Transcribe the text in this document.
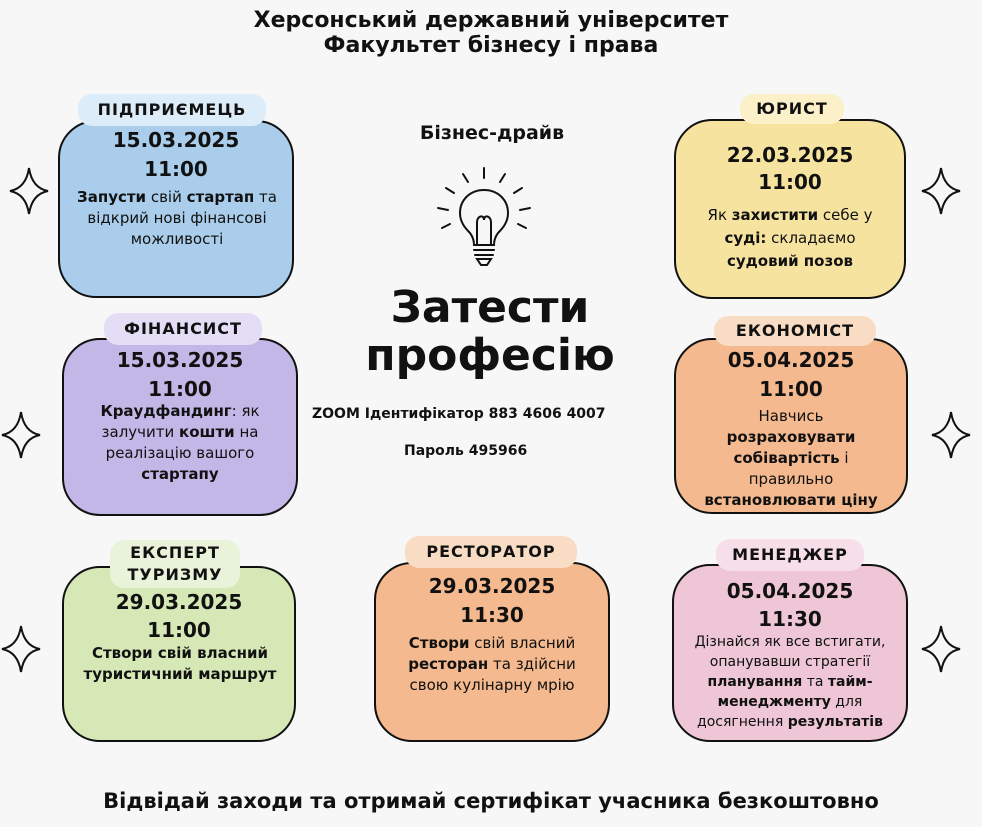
Херсонський державний університет
Факультет бізнесу і права
ПІДПРИЄМЕЦЬ
15.03.2025
11:00
Запусти свій стартап та відкрий нові фінансові можливості
ЮРИСТ
22.03.2025
11:00
Як захистити себе у суді: складаємо судовий позов
ФІНАНСИСТ
15.03.2025
11:00
Краудфандинг: як залучити кошти на реалізацію вашого стартапу
ЕКОНОМІСТ
05.04.2025
11:00
Навчись розраховувати собівартість і правильно встановлювати ціну
ЕКСПЕРТ ТУРИЗМУ
29.03.2025
11:00
Створи свій власний туристичний маршрут
РЕСТОРАТОР
29.03.2025
11:30
Створи свій власний ресторан та здійсни свою кулінарну мрію
МЕНЕДЖЕР
05.04.2025
11:30
Дізнайся як все встигати, опанувавши стратегії планування та тайм-менеджменту для досягнення результатів
Бізнес-драйв
Затести
професію
ZOOM Ідентифікатор 883 4606 4007
Пароль 495966
Відвідай заходи та отримай сертифікат учасника безкоштовно
